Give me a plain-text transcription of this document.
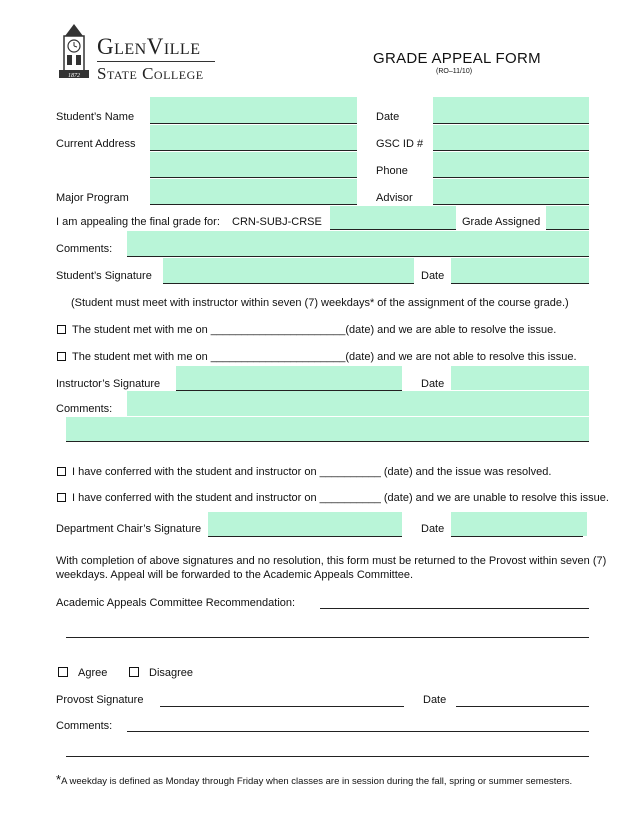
1872
GlenVille
State College
GRADE APPEAL FORM
(RO–11/10)
Student’s Name	Date
Current Address	GSC ID #
Phone
Major Program	Advisor
I am appealing the final grade for: CRN-SUBJ-CRSE	Grade Assigned
Comments:
Student’s Signature	Date
(Student must meet with instructor within seven (7) weekdays* of the assignment of the course grade.)
The student met with me on ______________________(date) and we are able to resolve the issue.
The student met with me on ______________________(date) and we are not able to resolve this issue.
Instructor’s Signature	Date
Comments:
I have conferred with the student and instructor on __________ (date) and the issue was resolved.
I have conferred with the student and instructor on __________ (date) and we are unable to resolve this issue.
Department Chair’s Signature	Date
With completion of above signatures and no resolution, this form must be returned to the Provost within seven (7)
weekdays. Appeal will be forwarded to the Academic Appeals Committee.
Academic Appeals Committee Recommendation:
Agree	Disagree
Provost Signature	Date
Comments:
*A weekday is defined as Monday through Friday when classes are in session during the fall, spring or summer semesters.
